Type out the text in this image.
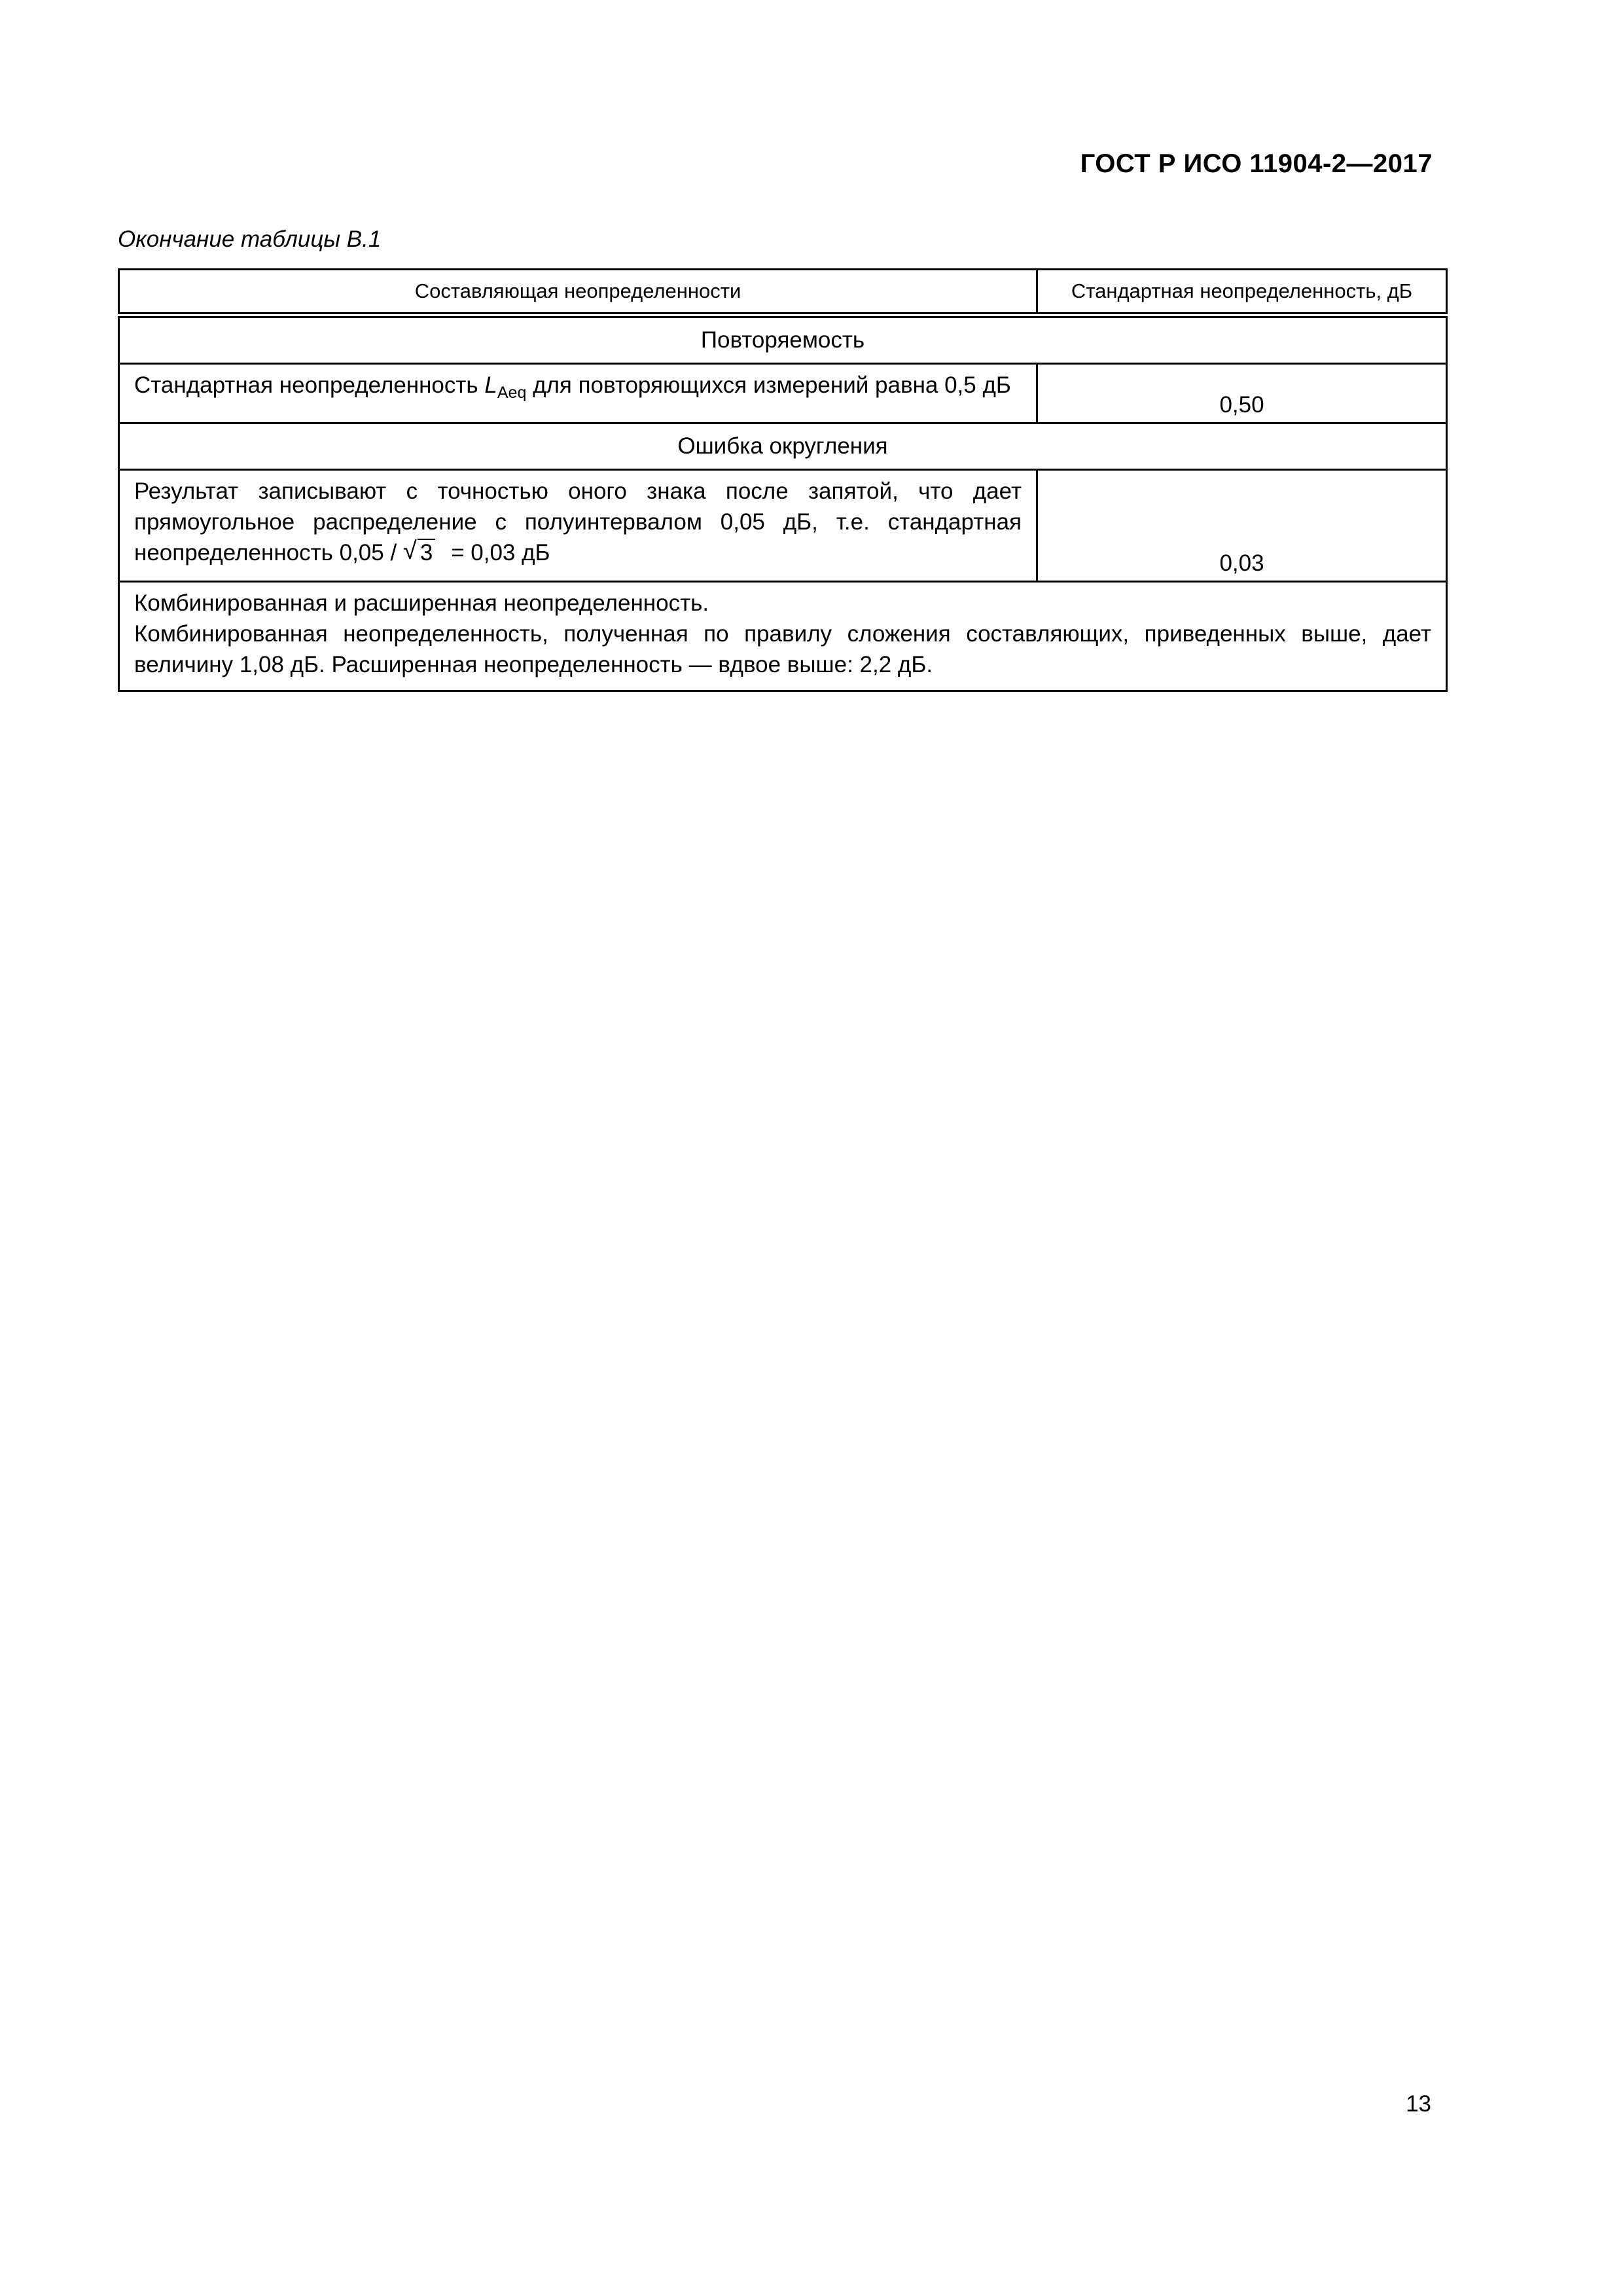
ГОСТ Р ИСО 11904-2—2017
Окончание таблицы В.1
Составляющая неопределенности	Стандартная неопределенность, дБ
Повторяемость	
Стандартная неопределенность $L_{Aeq}$ для повторяющихся измерений равна 0,5 дБ	0,50
Ошибка округления	
Результат записывают с точностью оного знака после запятой, что дает прямоугольное распределение с полуинтервалом 0,05 дБ, т.е. стандартная неопределенность 0,05 / √ 3 = 0,03 дБ	0,03

Комбинированная и расширенная неопределенность.
Комбинированная неопределенность, полученная по правилу сложения составляющих, приведенных выше, дает величину 1,08 дБ. Расширенная неопределенность — вдвое выше: 2,2 дБ.	
13
